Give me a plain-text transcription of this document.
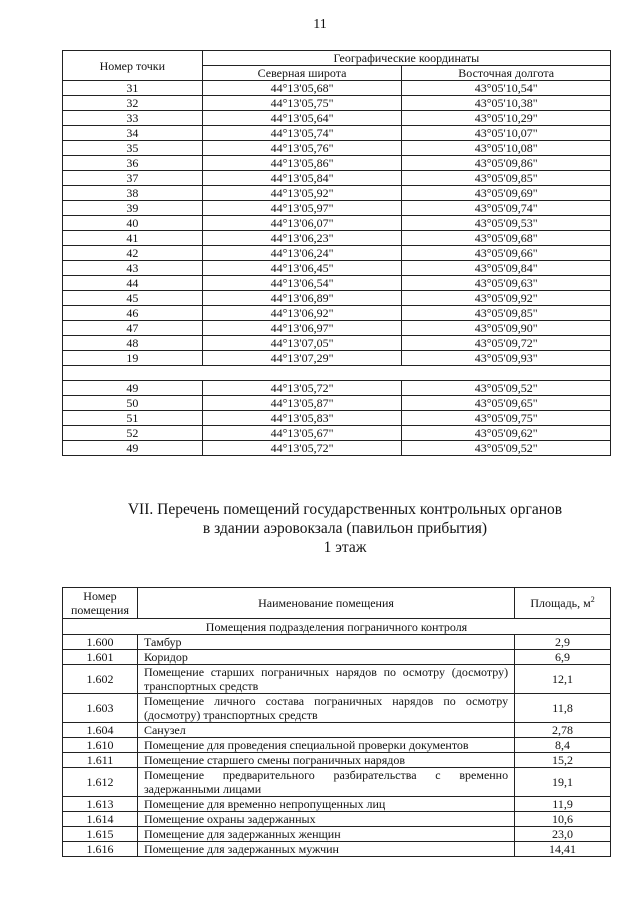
11
Номер точки	Географические координаты	
	Северная широта	Восточная долгота
31	44°13'05,68"	43°05'10,54"
32	44°13'05,75"	43°05'10,38"
33	44°13'05,64"	43°05'10,29"
34	44°13'05,74"	43°05'10,07"
35	44°13'05,76"	43°05'10,08"
36	44°13'05,86"	43°05'09,86"
37	44°13'05,84"	43°05'09,85"
38	44°13'05,92"	43°05'09,69"
39	44°13'05,97"	43°05'09,74"
40	44°13'06,07"	43°05'09,53"
41	44°13'06,23"	43°05'09,68"
42	44°13'06,24"	43°05'09,66"
43	44°13'06,45"	43°05'09,84"
44	44°13'06,54"	43°05'09,63"
45	44°13'06,89"	43°05'09,92"
46	44°13'06,92"	43°05'09,85"
47	44°13'06,97"	43°05'09,90"
48	44°13'07,05"	43°05'09,72"
19	44°13'07,29"	43°05'09,93"

49	44°13'05,72"	43°05'09,52"
50	44°13'05,87"	43°05'09,65"
51	44°13'05,83"	43°05'09,75"
52	44°13'05,67"	43°05'09,62"
49	44°13'05,72"	43°05'09,52"
VII. Перечень помещений государственных контрольных органов
в здании аэровокзала (павильон прибытия)
1 этаж
Номер помещения	Наименование помещения	Площадь, $м^2$
Помещения подразделения пограничного контроля		
1.600	Тамбур	2,9
1.601	Коридор	6,9
1.602	Помещение старших пограничных нарядов по осмотру (досмотру) транспортных средств	12,1
1.603	Помещение личного состава пограничных нарядов по осмотру (досмотру) транспортных средств	11,8
1.604	Санузел	2,78
1.610	Помещение для проведения специальной проверки документов	8,4
1.611	Помещение старшего смены пограничных нарядов	15,2
1.612	Помещение предварительного разбирательства с временно задержанными лицами	19,1
1.613	Помещение для временно непропущенных лиц	11,9
1.614	Помещение охраны задержанных	10,6
1.615	Помещение для задержанных женщин	23,0
1.616	Помещение для задержанных мужчин	14,41
